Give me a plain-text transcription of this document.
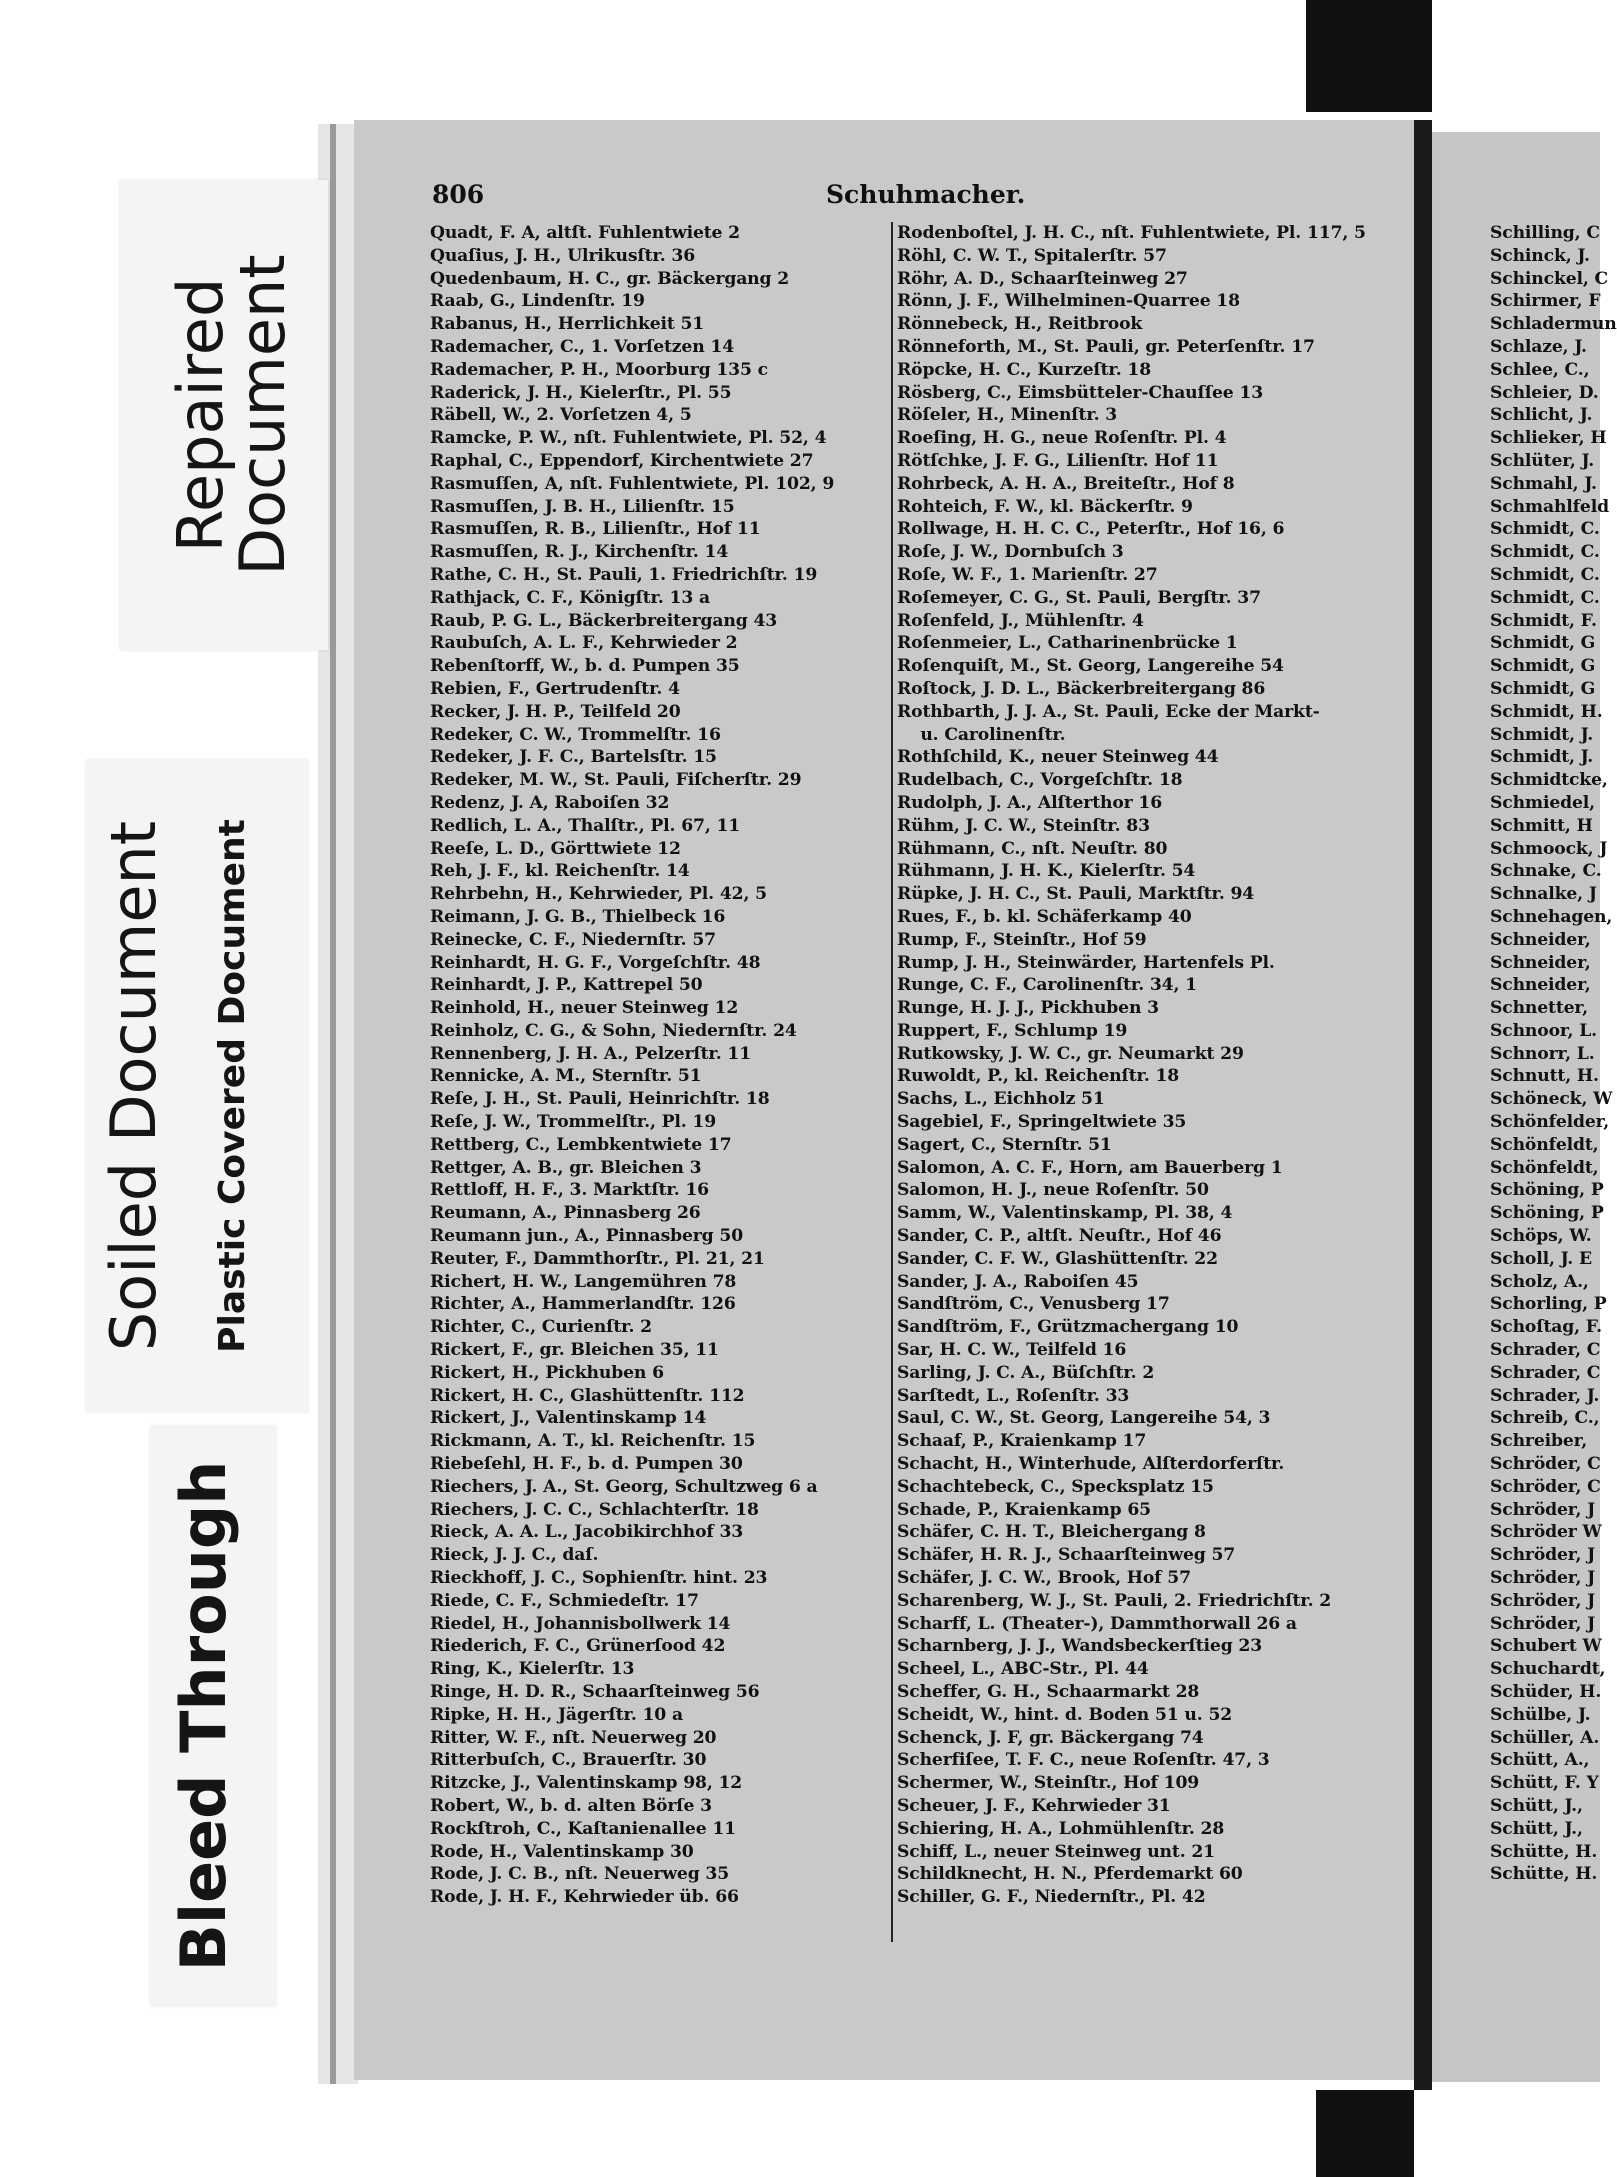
806	Schuhmacher.
Quadt, F. A, altſt. Fuhlentwiete 2
Quaſius, J. H., Ulrikusſtr. 36
Quedenbaum, H. C., gr. Bäckergang 2
Raab, G., Lindenſtr. 19
Rabanus, H., Herrlichkeit 51
Rademacher, C., 1. Vorſetzen 14
Rademacher, P. H., Moorburg 135 c
Raderick, J. H., Kielerſtr., Pl. 55
Räbell, W., 2. Vorſetzen 4, 5
Ramcke, P. W., nſt. Fuhlentwiete, Pl. 52, 4
Raphal, C., Eppendorf, Kirchentwiete 27
Rasmuſſen, A, nſt. Fuhlentwiete, Pl. 102, 9
Rasmuſſen, J. B. H., Lilienſtr. 15
Rasmuſſen, R. B., Lilienſtr., Hof 11
Rasmuſſen, R. J., Kirchenſtr. 14
Rathe, C. H., St. Pauli, 1. Friedrichſtr. 19
Rathjack, C. F., Königſtr. 13 a
Raub, P. G. L., Bäckerbreitergang 43
Raubuſch, A. L. F., Kehrwieder 2
Rebenſtorff, W., b. d. Pumpen 35
Rebien, F., Gertrudenſtr. 4
Recker, J. H. P., Teilfeld 20
Redeker, C. W., Trommelſtr. 16
Redeker, J. F. C., Bartelsſtr. 15
Redeker, M. W., St. Pauli, Fiſcherſtr. 29
Redenz, J. A, Raboiſen 32
Redlich, L. A., Thalſtr., Pl. 67, 11
Reeſe, L. D., Görttwiete 12
Reh, J. F., kl. Reichenſtr. 14
Rehrbehn, H., Kehrwieder, Pl. 42, 5
Reimann, J. G. B., Thielbeck 16
Reinecke, C. F., Niedernſtr. 57
Reinhardt, H. G. F., Vorgeſchſtr. 48
Reinhardt, J. P., Kattrepel 50
Reinhold, H., neuer Steinweg 12
Reinholz, C. G., & Sohn, Niedernſtr. 24
Rennenberg, J. H. A., Pelzerſtr. 11
Rennicke, A. M., Sternſtr. 51
Reſe, J. H., St. Pauli, Heinrichſtr. 18
Reſe, J. W., Trommelſtr., Pl. 19
Rettberg, C., Lembkentwiete 17
Rettger, A. B., gr. Bleichen 3
Rettloff, H. F., 3. Marktſtr. 16
Reumann, A., Pinnasberg 26
Reumann jun., A., Pinnasberg 50
Reuter, F., Dammthorſtr., Pl. 21, 21
Richert, H. W., Langemühren 78
Richter, A., Hammerlandſtr. 126
Richter, C., Curienſtr. 2
Rickert, F., gr. Bleichen 35, 11
Rickert, H., Pickhuben 6
Rickert, H. C., Glashüttenſtr. 112
Rickert, J., Valentinskamp 14
Rickmann, A. T., kl. Reichenſtr. 15
Riebeſehl, H. F., b. d. Pumpen 30
Riechers, J. A., St. Georg, Schultzweg 6 a
Riechers, J. C. C., Schlachterſtr. 18
Rieck, A. A. L., Jacobikirchhof 33
Rieck, J. J. C., daſ.
Rieckhoff, J. C., Sophienſtr. hint. 23
Riede, C. F., Schmiedeſtr. 17
Riedel, H., Johannisbollwerk 14
Riederich, F. C., Grünerſood 42
Ring, K., Kielerſtr. 13
Ringe, H. D. R., Schaarſteinweg 56
Ripke, H. H., Jägerſtr. 10 a
Ritter, W. F., nſt. Neuerweg 20
Ritterbuſch, C., Brauerſtr. 30
Ritzcke, J., Valentinskamp 98, 12
Robert, W., b. d. alten Börſe 3
Rockſtroh, C., Kaſtanienallee 11
Rode, H., Valentinskamp 30
Rode, J. C. B., nſt. Neuerweg 35
Rode, J. H. F., Kehrwieder üb. 66
Rodenboſtel, J. H. C., nſt. Fuhlentwiete, Pl. 117, 5
Röhl, C. W. T., Spitalerſtr. 57
Röhr, A. D., Schaarſteinweg 27
Rönn, J. F., Wilhelminen-Quarree 18
Rönnebeck, H., Reitbrook
Rönneforth, M., St. Pauli, gr. Peterſenſtr. 17
Röpcke, H. C., Kurzeſtr. 18
Rösberg, C., Eimsbütteler-Chauſſee 13
Röſeler, H., Minenſtr. 3
Roeſing, H. G., neue Roſenſtr. Pl. 4
Rötſchke, J. F. G., Lilienſtr. Hof 11
Rohrbeck, A. H. A., Breiteſtr., Hof 8
Rohteich, F. W., kl. Bäckerſtr. 9
Rollwage, H. H. C. C., Peterſtr., Hof 16, 6
Roſe, J. W., Dornbuſch 3
Roſe, W. F., 1. Marienſtr. 27
Roſemeyer, C. G., St. Pauli, Bergſtr. 37
Roſenfeld, J., Mühlenſtr. 4
Roſenmeier, L., Catharinenbrücke 1
Roſenquiſt, M., St. Georg, Langereihe 54
Roſtock, J. D. L., Bäckerbreitergang 86
Rothbarth, J. J. A., St. Pauli, Ecke der Markt-
u. Carolinenſtr.
Rothſchild, K., neuer Steinweg 44
Rudelbach, C., Vorgeſchſtr. 18
Rudolph, J. A., Alſterthor 16
Rühm, J. C. W., Steinſtr. 83
Rühmann, C., nſt. Neuſtr. 80
Rühmann, J. H. K., Kielerſtr. 54
Rüpke, J. H. C., St. Pauli, Marktſtr. 94
Rues, F., b. kl. Schäferkamp 40
Rump, F., Steinſtr., Hof 59
Rump, J. H., Steinwärder, Hartenfels Pl.
Runge, C. F., Carolinenſtr. 34, 1
Runge, H. J. J., Pickhuben 3
Ruppert, F., Schlump 19
Rutkowsky, J. W. C., gr. Neumarkt 29
Ruwoldt, P., kl. Reichenſtr. 18
Sachs, L., Eichholz 51
Sagebiel, F., Springeltwiete 35
Sagert, C., Sternſtr. 51
Salomon, A. C. F., Horn, am Bauerberg 1
Salomon, H. J., neue Roſenſtr. 50
Samm, W., Valentinskamp, Pl. 38, 4
Sander, C. P., altſt. Neuſtr., Hof 46
Sander, C. F. W., Glashüttenſtr. 22
Sander, J. A., Raboiſen 45
Sandſtröm, C., Venusberg 17
Sandſtröm, F., Grützmachergang 10
Sar, H. C. W., Teilfeld 16
Sarling, J. C. A., Büſchſtr. 2
Sarſtedt, L., Roſenſtr. 33
Saul, C. W., St. Georg, Langereihe 54, 3
Schaaf, P., Kraienkamp 17
Schacht, H., Winterhude, Alſterdorferſtr.
Schachtebeck, C., Specksplatz 15
Schade, P., Kraienkamp 65
Schäfer, C. H. T., Bleichergang 8
Schäfer, H. R. J., Schaarſteinweg 57
Schäfer, J. C. W., Brook, Hof 57
Scharenberg, W. J., St. Pauli, 2. Friedrichſtr. 2
Scharff, L. (Theater-), Dammthorwall 26 a
Scharnberg, J. J., Wandsbeckerſtieg 23
Scheel, L., ABC-Str., Pl. 44
Scheffer, G. H., Schaarmarkt 28
Scheidt, W., hint. d. Boden 51 u. 52
Schenck, J. F, gr. Bäckergang 74
Scherfiſee, T. F. C., neue Roſenſtr. 47, 3
Schermer, W., Steinſtr., Hof 109
Scheuer, J. F., Kehrwieder 31
Schiering, H. A., Lohmühlenſtr. 28
Schiff, L., neuer Steinweg unt. 21
Schildknecht, H. N., Pferdemarkt 60
Schiller, G. F., Niedernſtr., Pl. 42
Schilling, C
Schinck, J.
Schinckel, C
Schirmer, F
Schladermun
Schlaze, J.
Schlee, C.,
Schleier, D.
Schlicht, J.
Schlieker, H
Schlüter, J.
Schmahl, J.
Schmahlfeld
Schmidt, C.
Schmidt, C.
Schmidt, C.
Schmidt, C.
Schmidt, F.
Schmidt, G
Schmidt, G
Schmidt, G
Schmidt, H.
Schmidt, J.
Schmidt, J.
Schmidtcke,
Schmiedel,
Schmitt, H
Schmoock, J
Schnake, C.
Schnalke, J
Schnehagen,
Schneider,
Schneider,
Schneider,
Schnetter,
Schnoor, L.
Schnorr, L.
Schnutt, H.
Schöneck, W
Schönfelder,
Schönfeldt,
Schönfeldt,
Schöning, P
Schöning, P
Schöps, W.
Scholl, J. E
Scholz, A.,
Schorling, P
Schoſtag, F.
Schrader, C
Schrader, C
Schrader, J.
Schreib, C.,
Schreiber,
Schröder, C
Schröder, C
Schröder, J
Schröder W
Schröder, J
Schröder, J
Schröder, J
Schröder, J
Schubert W
Schuchardt,
Schüder, H.
Schülbe, J.
Schüller, A.
Schütt, A.,
Schütt, F. Y
Schütt, J.,
Schütt, J.,
Schütte, H.
Schütte, H.
Repaired
Document
Soiled Document	Plastic Covered Document
Bleed Through
